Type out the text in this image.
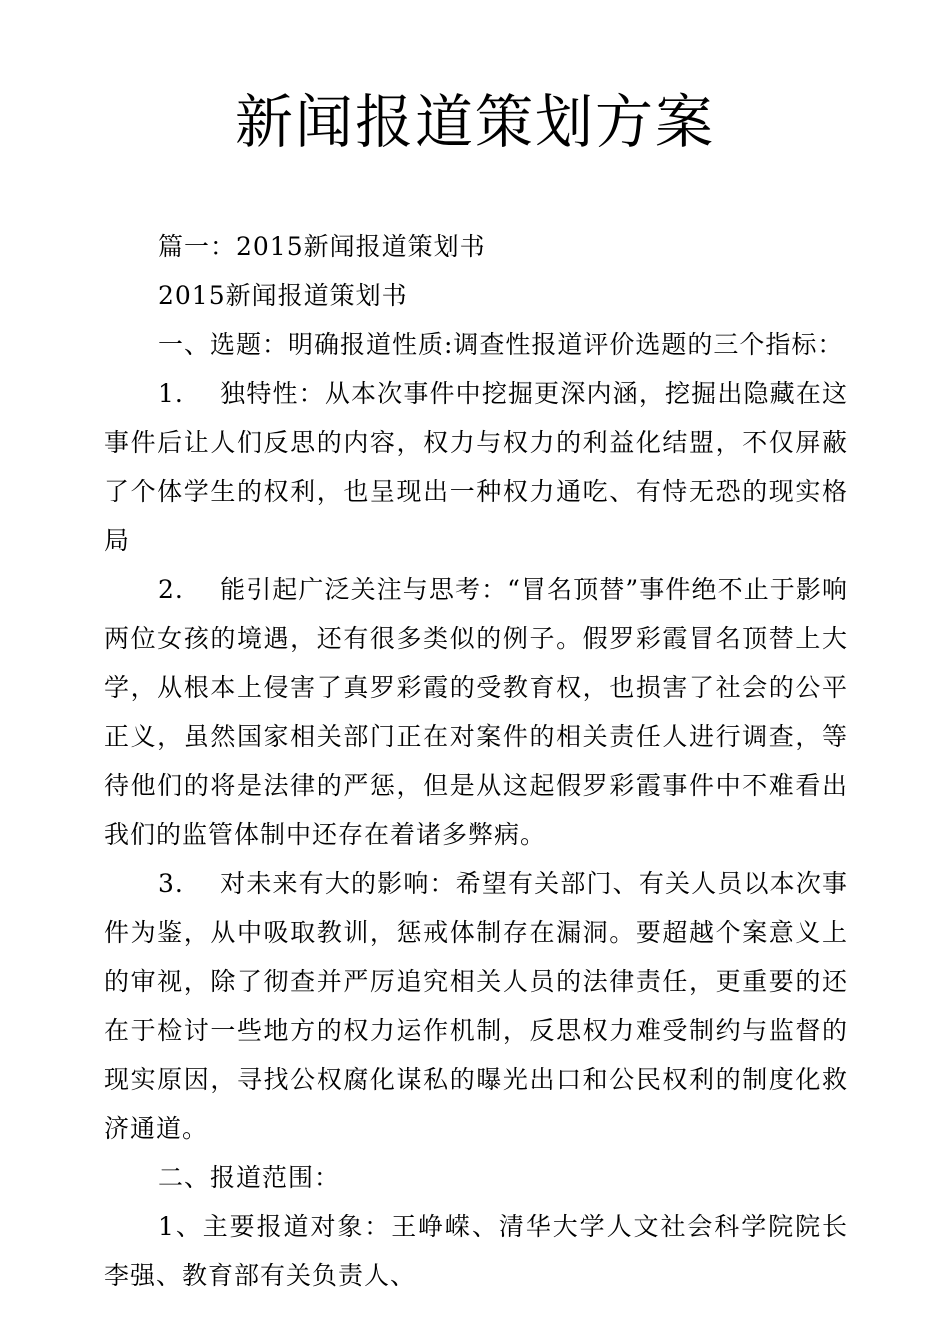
新闻报道策划方案

篇一：2015新闻报道策划书

2015新闻报道策划书

一、选题：明确报道性质:调查性报道评价选题的三个指标：

1. 独特性：从本次事件中挖掘更深内涵，挖掘出隐藏在这事件后让人们反思的内容，权力与权力的利益化结盟，不仅屏蔽了个体学生的权利，也呈现出一种权力通吃、有恃无恐的现实格局

2. 能引起广泛关注与思考：“冒名顶替”事件绝不止于影响两位女孩的境遇，还有很多类似的例子。假罗彩霞冒名顶替上大学，从根本上侵害了真罗彩霞的受教育权，也损害了社会的公平正义，虽然国家相关部门正在对案件的相关责任人进行调查，等待他们的将是法律的严惩，但是从这起假罗彩霞事件中不难看出我们的监管体制中还存在着诸多弊病。

3. 对未来有大的影响：希望有关部门、有关人员以本次事件为鉴，从中吸取教训，惩戒体制存在漏洞。要超越个案意义上的审视，除了彻查并严厉追究相关人员的法律责任，更重要的还在于检讨一些地方的权力运作机制，反思权力难受制约与监督的现实原因，寻找公权腐化谋私的曝光出口和公民权利的制度化救济通道。

二、报道范围：

1、主要报道对象：王峥嵘、清华大学人文社会科学院院长李强、教育部有关负责人、
